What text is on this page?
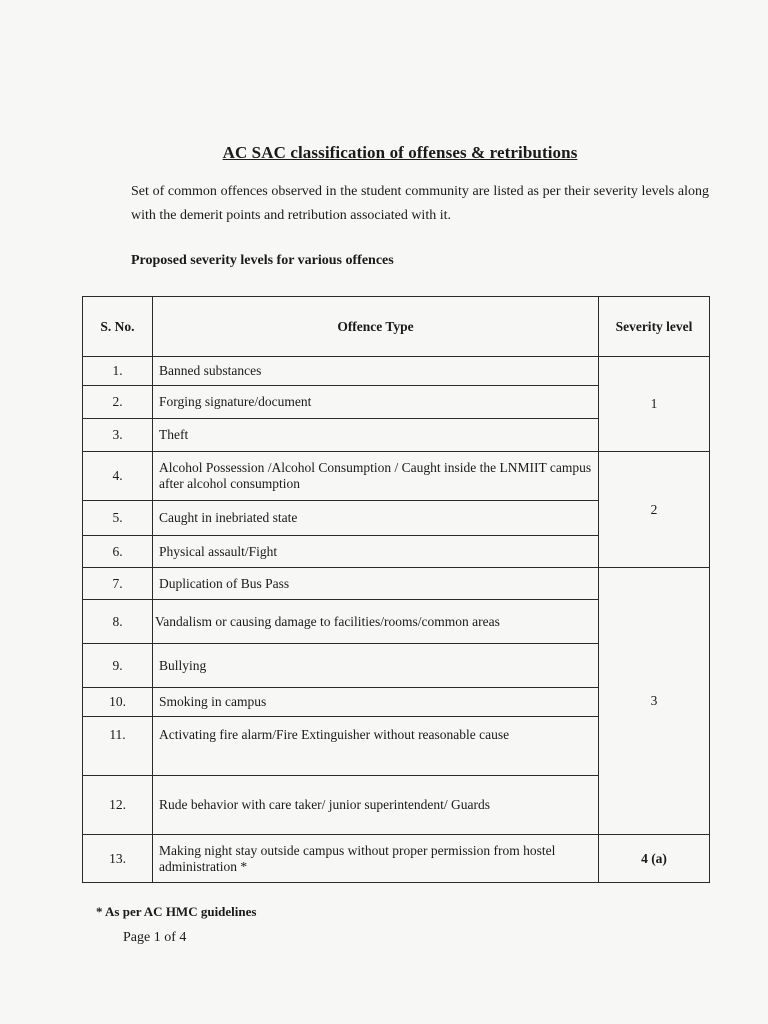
AC SAC classification of offenses & retributions
Set of common offences observed in the student community are listed as per their severity levels along with the demerit points and retribution associated with it.
Proposed severity levels for various offences
S. No.	Offence Type	Severity level
1.	Banned substances	1
2.	Forging signature/document	
3.	Theft	
4.	Alcohol Possession /Alcohol Consumption / Caught inside the LNMIIT campus after alcohol consumption	2
5.	Caught in inebriated state	
6.	Physical assault/Fight	
7.	Duplication of Bus Pass	3
8.	Vandalism or causing damage to facilities/rooms/common areas	
9.	Bullying	
10.	Smoking in campus	
11.	Activating fire alarm/Fire Extinguisher without reasonable cause	
12.	Rude behavior with care taker/ junior superintendent/ Guards	
13.	Making night stay outside campus without proper permission from hostel administration *	4 (a)
* As per AC HMC guidelines
Page 1 of 4
